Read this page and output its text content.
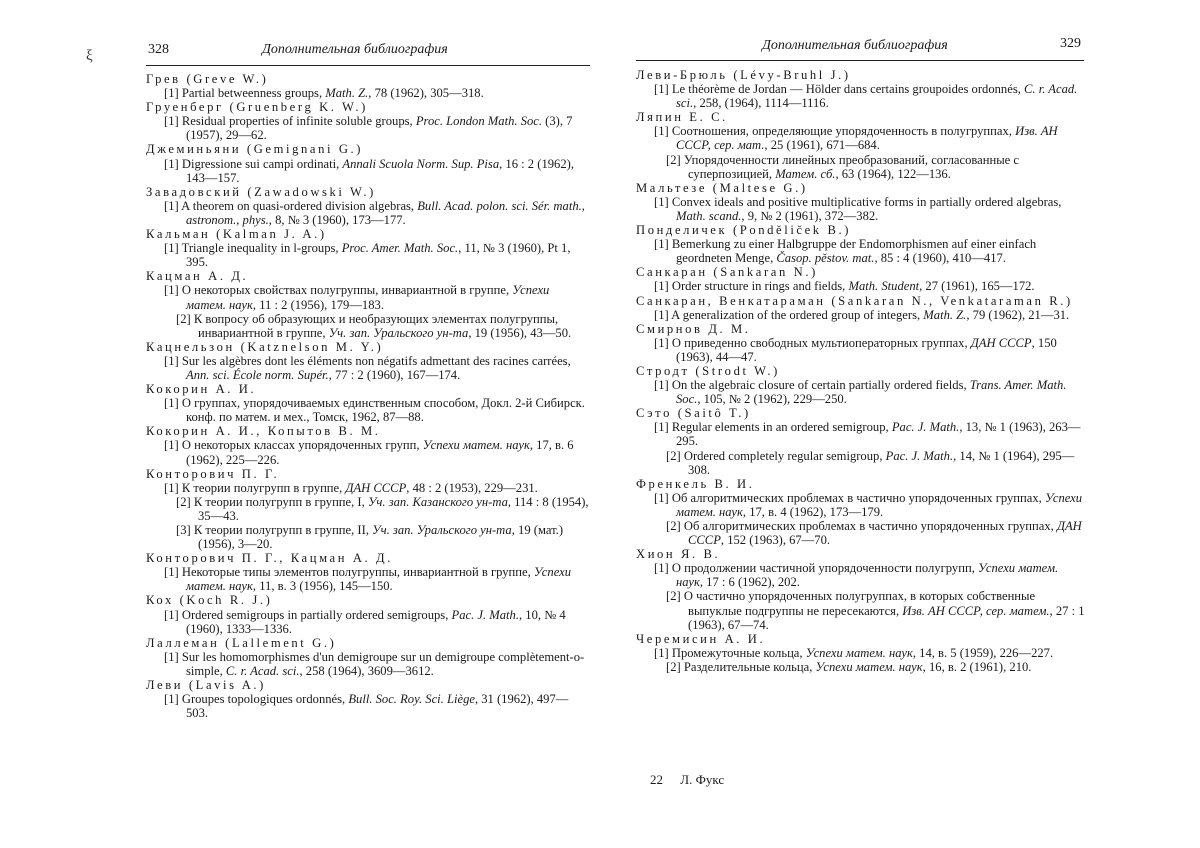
ξ	328	Дополнительная библиография
Грев (Greve W.)
[1] Partial betweenness groups, Math. Z., 78 (1962), 305—318.
Груенберг (Gruenberg K. W.)
[1] Residual properties of infinite soluble groups, Proc. London Math. Soc. (3), 7 (1957), 29—62.
Джеминьяни (Gemignani G.)
[1] Digressione sui campi ordinati, Annali Scuola Norm. Sup. Pisa, 16 : 2 (1962), 143—157.
Завадовский (Zawadowski W.)
[1] A theorem on quasi-ordered division algebras, Bull. Acad. polon. sci. Sér. math., astronom., phys., 8, № 3 (1960), 173—177.
Кальман (Kalman J. A.)
[1] Triangle inequality in l-groups, Proc. Amer. Math. Soc., 11, № 3 (1960), Pt 1, 395.
Кацман А. Д.
[1] О некоторых свойствах полугруппы, инвариантной в группе, Успехи матем. наук, 11 : 2 (1956), 179—183.
[2] К вопросу об образующих и необразующих элементах полугруппы, инвариантной в группе, Уч. зап. Уральского ун-та, 19 (1956), 43—50.
Кацнельзон (Katznelson M. Y.)
[1] Sur les algèbres dont les éléments non négatifs admettant des racines carrées, Ann. sci. École norm. Supér., 77 : 2 (1960), 167—174.
Кокорин А. И.
[1] О группах, упорядочиваемых единственным способом, Докл. 2-й Сибирск. конф. по матем. и мех., Томск, 1962, 87—88.
Кокорин А. И., Копытов В. М.
[1] О некоторых классах упорядоченных групп, Успехи матем. наук, 17, в. 6 (1962), 225—226.
Конторович П. Г.
[1] К теории полугрупп в группе, ДАН СССР, 48 : 2 (1953), 229—231.
[2] К теории полугрупп в группе, I, Уч. зап. Казанского ун-та, 114 : 8 (1954), 35—43.
[3] К теории полугрупп в группе, II, Уч. зап. Уральского ун-та, 19 (мат.) (1956), 3—20.
Конторович П. Г., Кацман А. Д.
[1] Некоторые типы элементов полугруппы, инвариантной в группе, Успехи матем. наук, 11, в. 3 (1956), 145—150.
Кох (Koch R. J.)
[1] Ordered semigroups in partially ordered semigroups, Pac. J. Math., 10, № 4 (1960), 1333—1336.
Лаллеман (Lallement G.)
[1] Sur les homomorphismes d'un demigroupe sur un demigroupe complètement-o-simple, C. r. Acad. sci., 258 (1964), 3609—3612.
Леви (Lavis A.)
[1] Groupes topologiques ordonnés, Bull. Soc. Roy. Sci. Liège, 31 (1962), 497—503.
Дополнительная библиография	329
Леви-Брюль (Lévy-Bruhl J.)
[1] Le théorème de Jordan — Hölder dans certains groupoides ordonnés, C. r. Acad. sci., 258, (1964), 1114—1116.
Ляпин Е. С.
[1] Соотношения, определяющие упорядоченность в полугруппах, Изв. АН СССР, сер. мат., 25 (1961), 671—684.
[2] Упорядоченности линейных преобразований, согласованные с суперпозицией, Матем. сб., 63 (1964), 122—136.
Мальтезе (Maltese G.)
[1] Convex ideals and positive multiplicative forms in partially ordered algebras, Math. scand., 9, № 2 (1961), 372—382.
Понделичек (Ponděliček B.)
[1] Bemerkung zu einer Halbgruppe der Endomorphismen auf einer einfach geordneten Menge, Časop. pěstov. mat., 85 : 4 (1960), 410—417.
Санкаран (Sankaran N.)
[1] Order structure in rings and fields, Math. Student, 27 (1961), 165—172.
Санкаран, Венкатараман (Sankaran N., Venkataraman R.)
[1] A generalization of the ordered group of integers, Math. Z., 79 (1962), 21—31.
Смирнов Д. М.
[1] О приведенно свободных мультиоператорных группах, ДАН СССР, 150 (1963), 44—47.
Стродт (Strodt W.)
[1] On the algebraic closure of certain partially ordered fields, Trans. Amer. Math. Soc., 105, № 2 (1962), 229—250.
Сэто (Saitô T.)
[1] Regular elements in an ordered semigroup, Pac. J. Math., 13, № 1 (1963), 263—295.
[2] Ordered completely regular semigroup, Pac. J. Math., 14, № 1 (1964), 295—308.
Френкель В. И.
[1] Об алгоритмических проблемах в частично упорядоченных группах, Успехи матем. наук, 17, в. 4 (1962), 173—179.
[2] Об алгоритмических проблемах в частично упорядоченных группах, ДАН СССР, 152 (1963), 67—70.
Хион Я. В.
[1] О продолжении частичной упорядоченности полугрупп, Успехи матем. наук, 17 : 6 (1962), 202.
[2] О частично упорядоченных полугруппах, в которых собственные выпуклые подгруппы не пересекаются, Изв. АН СССР, сер. матем., 27 : 1 (1963), 67—74.
Черемисин А. И.
[1] Промежуточные кольца, Успехи матем. наук, 14, в. 5 (1959), 226—227.
[2] Разделительные кольца, Успехи матем. наук, 16, в. 2 (1961), 210.
22 Л. Фукс
